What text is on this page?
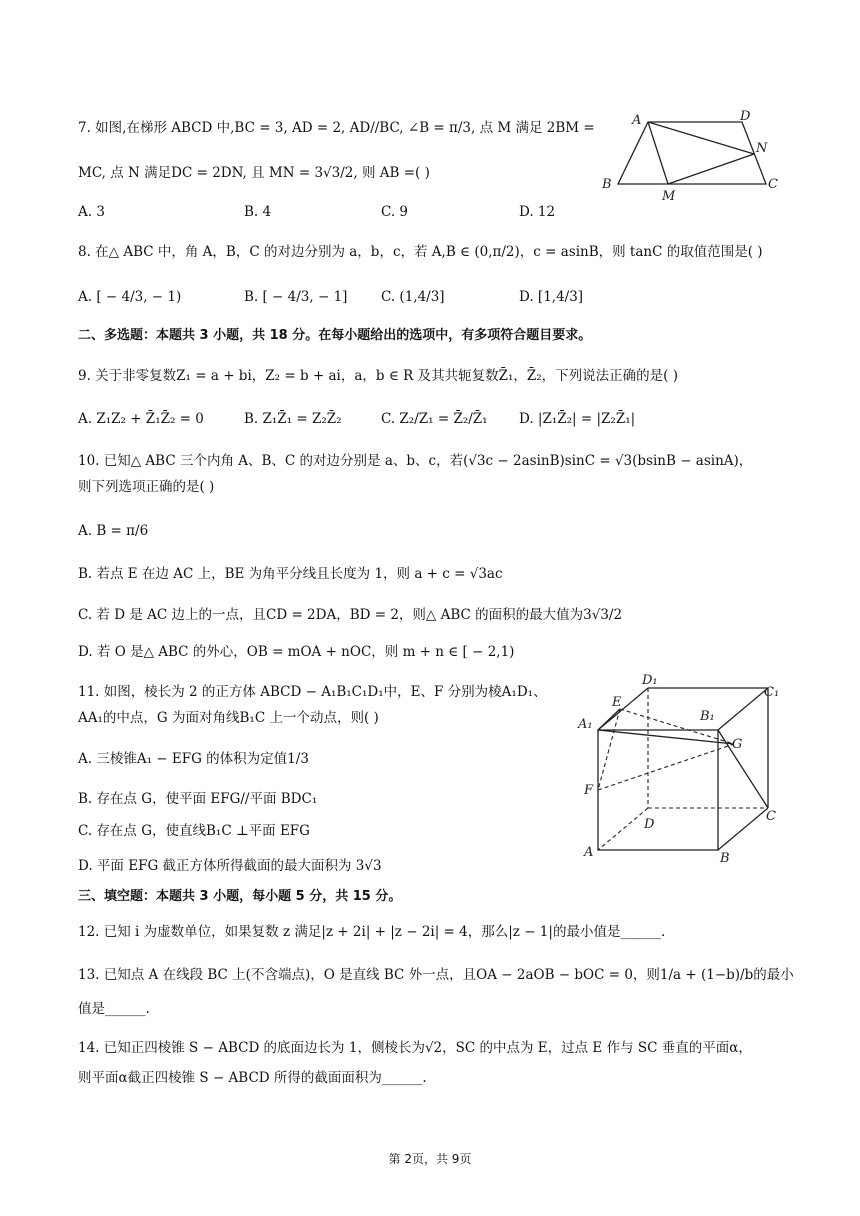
7. 如图,在梯形 ABCD 中,BC = 3, AD = 2, AD//BC, ∠B = π/3, 点 M 满足 2BM =
MC, 点 N 满足DC = 2DN, 且 MN = 3√3/2, 则 AB =( )
A. 3	B. 4	C. 9	D. 12
A	D
N
B
M
C
8. 在△ ABC 中，角 A，B，C 的对边分别为 a，b，c，若 A,B ∈ (0,π/2)，c = asinB，则 tanC 的取值范围是( )
A. [ − 4/3, − 1)	B. [ − 4/3, − 1] C. (1,4/3]	D. [1,4/3]
二、多选题：本题共 3 小题，共 18 分。在每小题给出的选项中，有多项符合题目要求。
9. 关于非零复数Z₁ = a + bi，Z₂ = b + ai，a，b ∈ R 及其共轭复数Z̄₁，Z̄₂，下列说法正确的是( )
A. Z₁Z₂ + Z̄₁Z̄₂ = 0	B. Z₁Z̄₁ = Z₂Z̄₂	C. Z₂/Z₁ = Z̄₂/Z̄₁ D. |Z₁Z̄₂| = |Z₂Z̄₁|
10. 已知△ ABC 三个内角 A、B、C 的对边分别是 a、b、c，若(√3c − 2asinB)sinC = √3(bsinB − asinA)，
则下列选项正确的是( )
A. B = π/6
B. 若点 E 在边 AC 上，BE 为角平分线且长度为 1，则 a + c = √3ac
C. 若 D 是 AC 边上的一点，且CD = 2DA，BD = 2，则△ ABC 的面积的最大值为3√3/2
D. 若 O 是△ ABC 的外心，OB = mOA + nOC，则 m + n ∈ [ − 2,1)
11. 如图，棱长为 2 的正方体 ABCD − A₁B₁C₁D₁中，E、F 分别为棱A₁D₁、
AA₁的中点，G 为面对角线B₁C 上一个动点，则( )
A. 三棱锥A₁ − EFG 的体积为定值1/3
B. 存在点 G，使平面 EFG//平面 BDC₁
C. 存在点 G，使直线B₁C ⊥平面 EFG
D. 平面 EFG 截正方体所得截面的最大面积为 3√3
D₁
C₁
E
B₁
A₁
G
F
D
C
A	B
三、填空题：本题共 3 小题，每小题 5 分，共 15 分。
12. 已知 i 为虚数单位，如果复数 z 满足|z + 2i| + |z − 2i| = 4，那么|z − 1|的最小值是______.
13. 已知点 A 在线段 BC 上(不含端点)，O 是直线 BC 外一点，且OA − 2aOB − bOC = 0，则1/a + (1−b)/b的最小
值是______.
14. 已知正四棱锥 S − ABCD 的底面边长为 1，侧棱长为√2，SC 的中点为 E，过点 E 作与 SC 垂直的平面α，
则平面α截正四棱锥 S − ABCD 所得的截面面积为______.
第 2页，共 9页
